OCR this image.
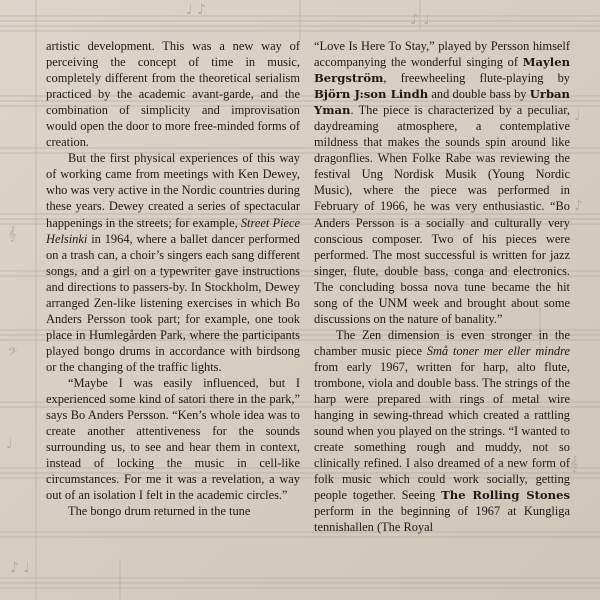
𝄞
𝄢
𝄞
♩ ♪
♪ ♩
♩
♪
♩
♪ ♩

artistic development. This was a new way of perceiving the concept of time in music, completely different from the theoretical serialism practiced by the academic avant-garde, and the combination of simplicity and improvisation would open the door to more free-minded forms of creation.

But the first physical experiences of this way of working came from meetings with Ken Dewey, who was very active in the Nordic countries during these years. Dewey created a series of spectacular happenings in the streets; for example, Street Piece Helsinki in 1964, where a ballet dancer performed on a trash can, a choir’s singers each sang different songs, and a girl on a typewriter gave instructions and directions to passers-by. In Stockholm, Dewey arranged Zen-like listening exercises in which Bo Anders Persson took part; for example, one took place in Humlegården Park, where the participants played bongo drums in accordance with birdsong or the changing of the traffic lights.

“Maybe I was easily influenced, but I experienced some kind of satori there in the park,” says Bo Anders Persson. “Ken’s whole idea was to create another attentiveness for the sounds surrounding us, to see and hear them in context, instead of locking the music in cell-like circumstances. For me it was a revelation, a way out of an isolation I felt in the academic circles.”

The bongo drum returned in the tune

“Love Is Here To Stay,” played by Persson himself accompanying the wonderful singing of Maylen Bergström, freewheeling flute-playing by Björn J:son Lindh and double bass by Urban Yman. The piece is characterized by a peculiar, daydreaming atmosphere, a contemplative mildness that makes the sounds spin around like dragonflies. When Folke Rabe was reviewing the festival Ung Nordisk Musik (Young Nordic Music), where the piece was performed in February of 1966, he was very enthusiastic. “Bo Anders Persson is a socially and culturally very conscious composer. Two of his pieces were performed. The most successful is written for jazz singer, flute, double bass, conga and electronics. The concluding bossa nova tune became the hit song of the UNM week and brought about some discussions on the nature of banality.”

The Zen dimension is even stronger in the chamber music piece Små toner mer eller mindre from early 1967, written for harp, alto flute, trombone, viola and double bass. The strings of the harp were prepared with rings of metal wire hanging in sewing-thread which created a rattling sound when you played on the strings. “I wanted to create something rough and muddy, not so clinically refined. I also dreamed of a new form of folk music which could work socially, getting people together. Seeing The Rolling Stones perform in the beginning of 1967 at Kungliga tennishallen (The Royal
